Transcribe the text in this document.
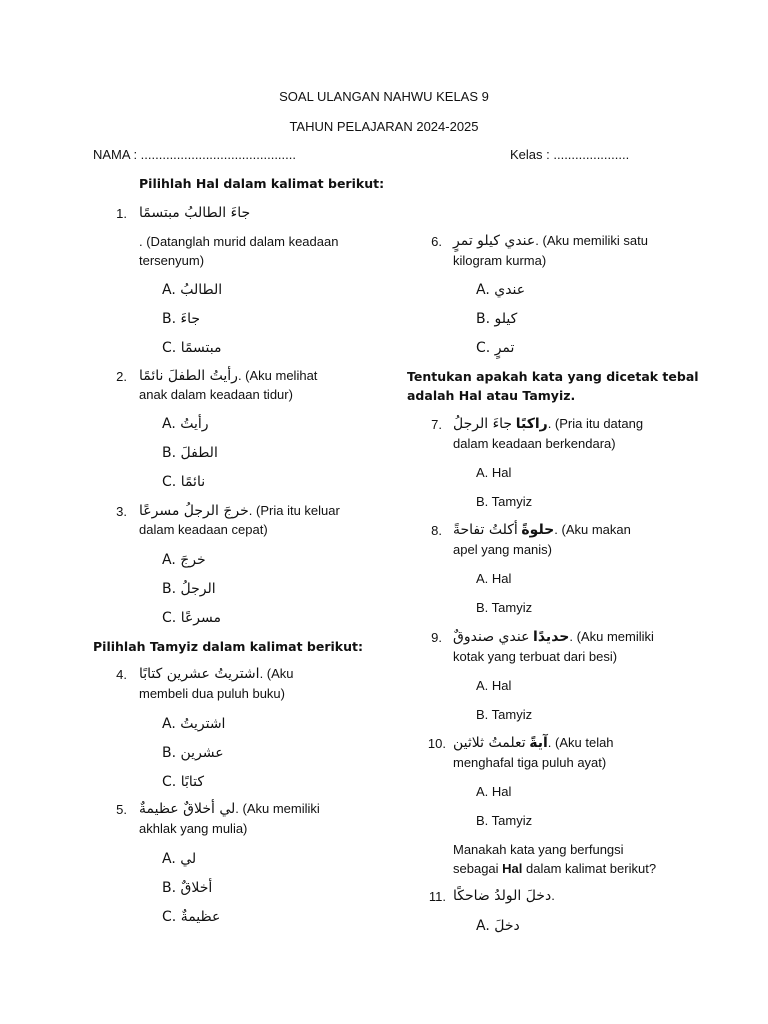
SOAL ULANGAN NAHWU KELAS 9
TAHUN PELAJARAN 2024-2025
NAMA : ...........................................	Kelas : .....................
Pilihlah Hal dalam kalimat berikut:
1. جاءَ الطالبُ مبتسمًا
. (Datanglah murid dalam keadaan
tersenyum)
A. الطالبُ
B. جاءَ
C. مبتسمًا
2. رأيتُ الطفلَ نائمًا. (Aku melihat
anak dalam keadaan tidur)
A. رأيتُ
B. الطفلَ
C. نائمًا
3. خرجَ الرجلُ مسرعًا. (Pria itu keluar
dalam keadaan cepat)
A. خرجَ
B. الرجلُ
C. مسرعًا
Pilihlah Tamyiz dalam kalimat berikut:
4. اشتريتُ عشرين كتابًا. (Aku
membeli dua puluh buku)
A. اشتريتُ
B. عشرين
C. كتابًا
5. لي أخلاقٌ عظيمةٌ. (Aku memiliki
akhlak yang mulia)
A. لي
B. أخلاقٌ
C. عظيمةٌ
6. عندي كيلو تمرٍ. (Aku memiliki satu
kilogram kurma)
A. عندي
B. كيلو
C. تمرٍ
Tentukan apakah kata yang dicetak tebal
adalah Hal atau Tamyiz.
7.	راكبًا جاءَ الرجلُ	. (Pria itu datang
dalam keadaan berkendara)
A. Hal
B. Tamyiz
8.	حلوةً أكلتُ تفاحةً	. (Aku makan
apel yang manis)
A. Hal
B. Tamyiz
9.	حديدًا عندي صندوقٌ	. (Aku memiliki
kotak yang terbuat dari besi)
A. Hal
B. Tamyiz
10.	آيةً تعلمتُ ثلاثين . (Aku telah
menghafal tiga puluh ayat)
A. Hal
B. Tamyiz
Manakah kata yang berfungsi
sebagai Hal dalam kalimat berikut?
11. دخلَ الولدُ ضاحكًا.
A. دخلَ
